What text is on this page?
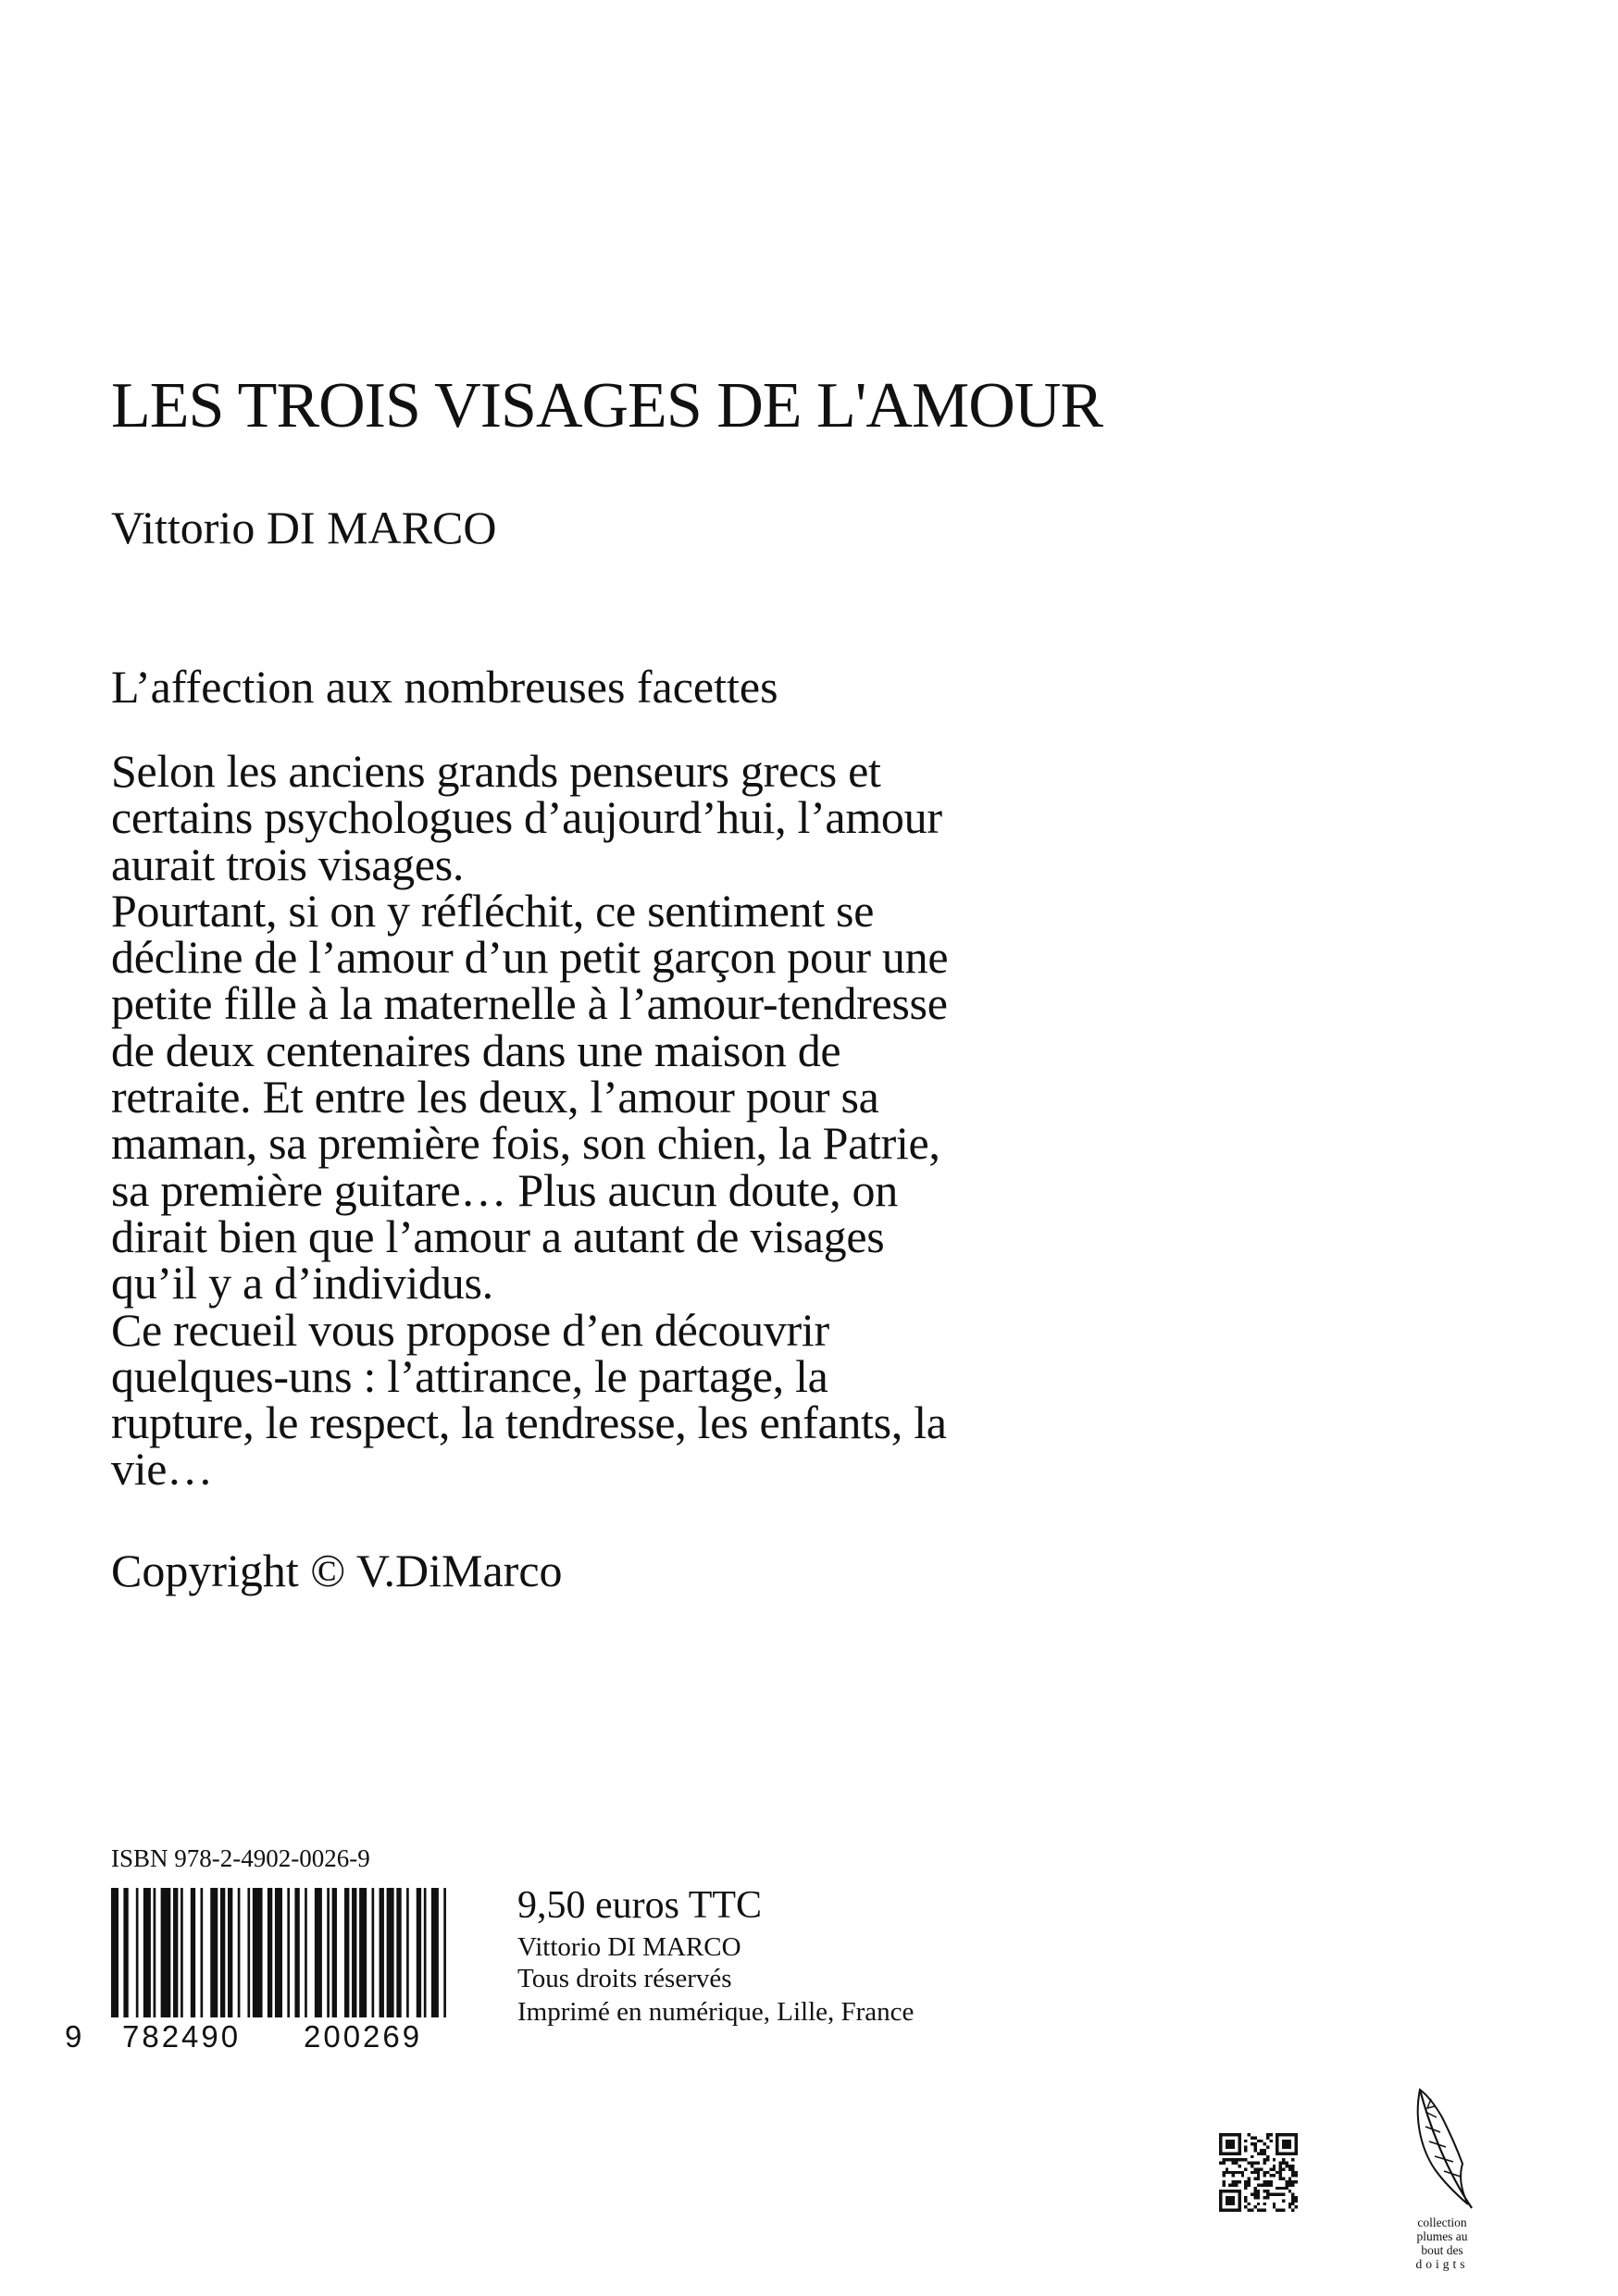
LES TROIS VISAGES DE L'AMOUR
Vittorio DI MARCO
L’affection aux nombreuses facettes
Selon les anciens grands penseurs grecs et
certains psychologues d’aujourd’hui, l’amour
aurait trois visages.
Pourtant, si on y réfléchit, ce sentiment se
décline de l’amour d’un petit garçon pour une
petite fille à la maternelle à l’amour-tendresse
de deux centenaires dans une maison de
retraite. Et entre les deux, l’amour pour sa
maman, sa première fois, son chien, la Patrie,
sa première guitare… Plus aucun doute, on
dirait bien que l’amour a autant de visages
qu’il y a d’individus.
Ce recueil vous propose d’en découvrir
quelques-uns : l’attirance, le partage, la
rupture, le respect, la tendresse, les enfants, la
vie…
Copyright © V.DiMarco
ISBN 978-2-4902-0026-9
9 782490 200269
9,50 euros TTC
Vittorio DI MARCO
Tous droits réservés
Imprimé en numérique, Lille, France
collection
plumes au
bout des
doigts
